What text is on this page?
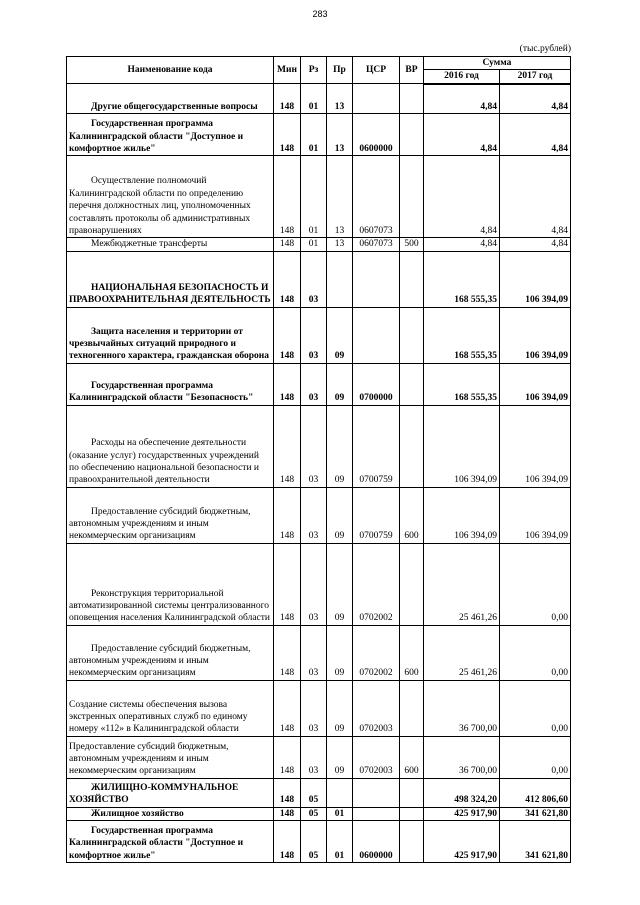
283
(тыс.рублей)
Наименование кода	Мин	Рз	Пр	ЦСР	ВР	Сумма	
						2016 год	2017 год
Другие общегосударственные вопросы	148	01	13			4,84	4,84
Государственная программа Калининградской области "Доступное и комфортное жилье"	148	01	13	0600000		4,84	4,84
Осуществление полномочий Калининградской области по определению перечня должностных лиц, уполномоченных составлять протоколы об административных правонарушениях	148	01	13	0607073		4,84	4,84
Межбюджетные трансферты	148	01	13	0607073	500	4,84	4,84
НАЦИОНАЛЬНАЯ БЕЗОПАСНОСТЬ И ПРАВООХРАНИТЕЛЬНАЯ ДЕЯТЕЛЬНОСТЬ	148	03				168 555,35	106 394,09
Защита населения и территории от чрезвычайных ситуаций природного и техногенного характера, гражданская оборона	148	03	09			168 555,35	106 394,09
Государственная программа Калининградской области "Безопасность"	148	03	09	0700000		168 555,35	106 394,09
Расходы на обеспечение деятельности (оказание услуг) государственных учреждений по обеспечению национальной безопасности и правоохранительной деятельности	148	03	09	0700759		106 394,09	106 394,09
Предоставление субсидий бюджетным, автономным учреждениям и иным некоммерческим организациям	148	03	09	0700759	600	106 394,09	106 394,09
Реконструкция территориальной автоматизированной системы централизованного оповещения населения Калининградской области	148	03	09	0702002		25 461,26	0,00
Предоставление субсидий бюджетным, автономным учреждениям и иным некоммерческим организациям	148	03	09	0702002	600	25 461,26	0,00
Создание системы обеспечения вызова экстренных оперативных служб по единому номеру «112» в Калининградской области	148	03	09	0702003		36 700,00	0,00
Предоставление субсидий бюджетным, автономным учреждениям и иным некоммерческим организациям	148	03	09	0702003	600	36 700,00	0,00
ЖИЛИЩНО-КОММУНАЛЬНОЕ ХОЗЯЙСТВО	148	05				498 324,20	412 806,60
Жилищное хозяйство	148	05	01			425 917,90	341 621,80
Государственная программа Калининградской области "Доступное и комфортное жилье"	148	05	01	0600000		425 917,90	341 621,80
